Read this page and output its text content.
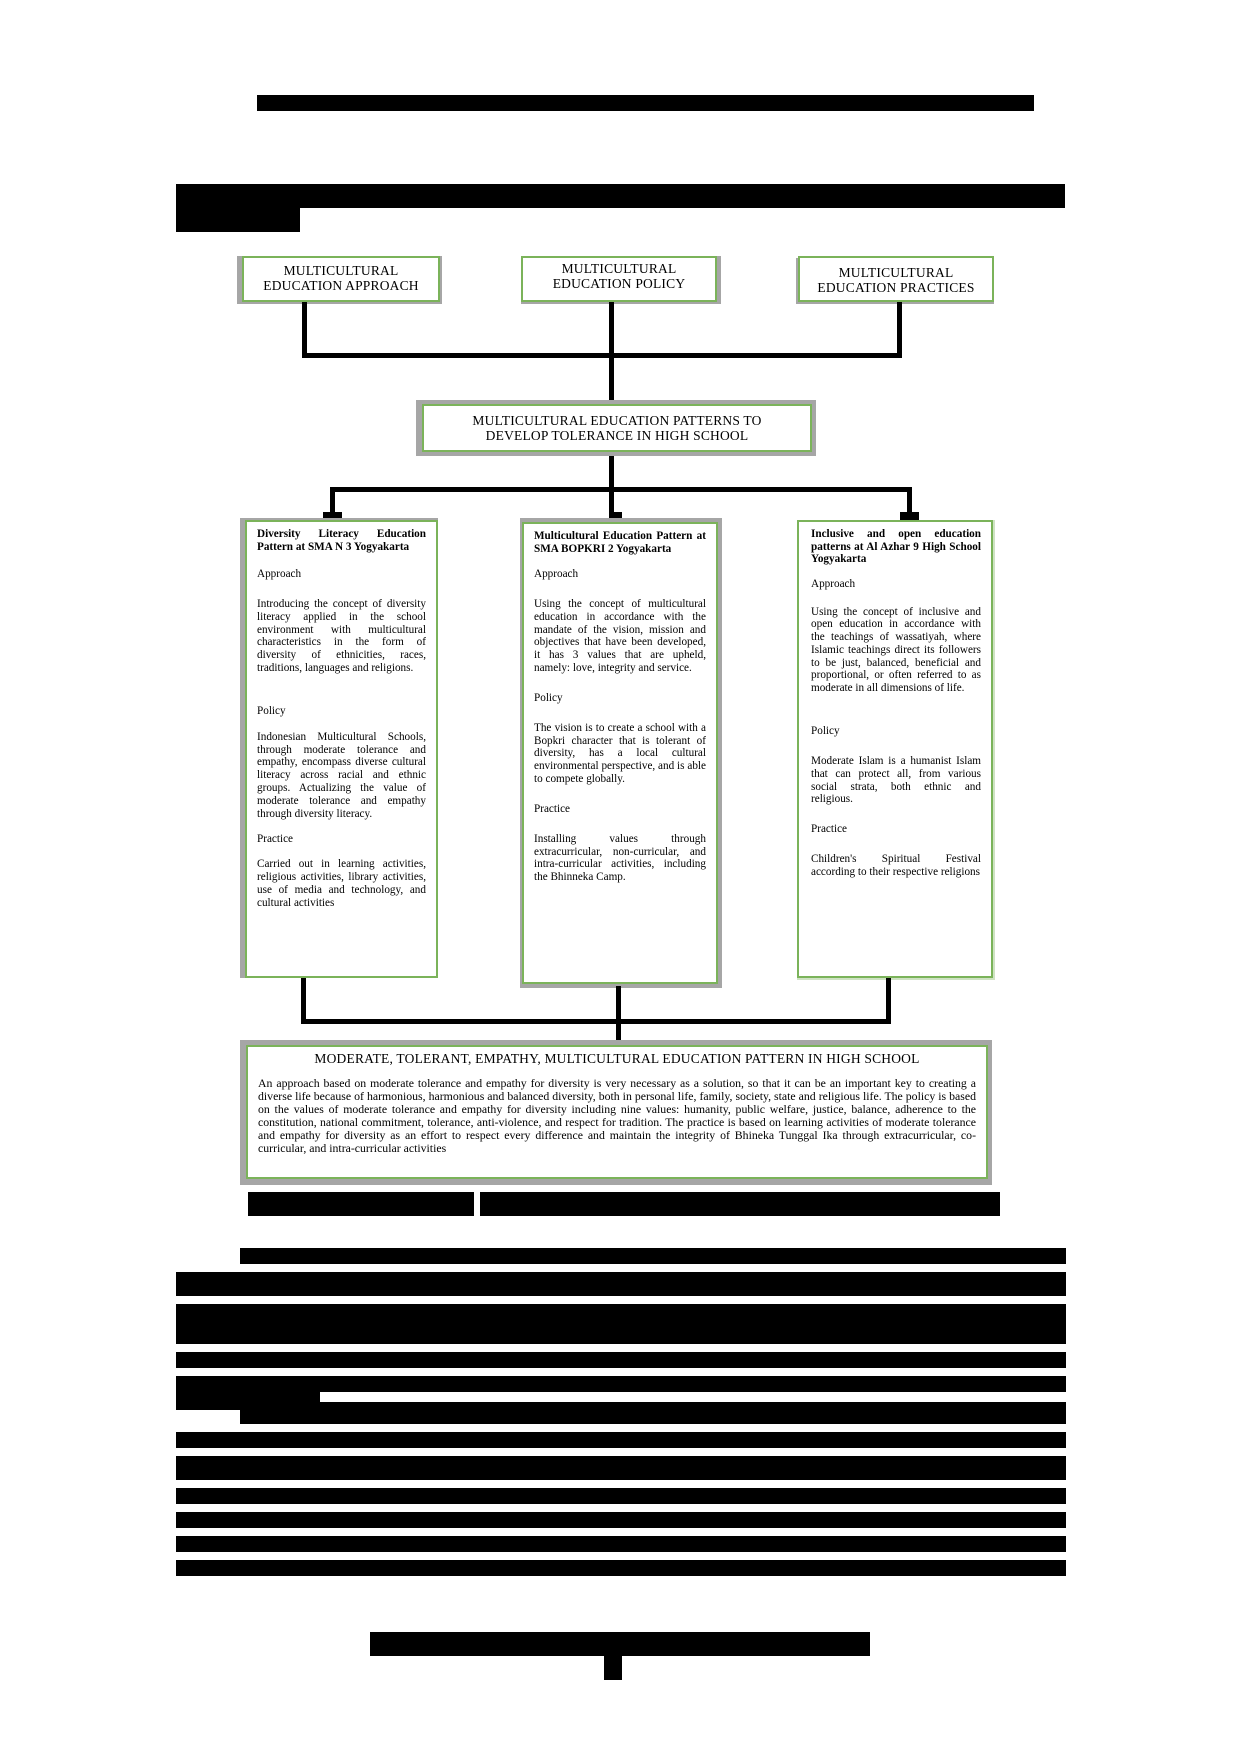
MULTICULTURAL
EDUCATION APPROACH
MULTICULTURAL
EDUCATION POLICY
MULTICULTURAL
EDUCATION PRACTICES
MULTICULTURAL EDUCATION PATTERNS TO
DEVELOP TOLERANCE IN HIGH SCHOOL
Diversity Literacy Education Pattern at SMA N 3 Yogyakarta
Approach
Introducing the concept of diversity literacy applied in the school environment with multicultural characteristics in the form of diversity of ethnicities, races, traditions, languages and religions.
Policy
Indonesian Multicultural Schools, through moderate tolerance and empathy, encompass diverse cultural literacy across racial and ethnic groups. Actualizing the value of moderate tolerance and empathy through diversity literacy.
Practice
Carried out in learning activities, religious activities, library activities, use of media and technology, and cultural activities
Multicultural Education Pattern at SMA BOPKRI 2 Yogyakarta
Approach
Using the concept of multicultural education in accordance with the mandate of the vision, mission and objectives that have been developed, it has 3 values that are upheld, namely: love, integrity and service.
Policy
The vision is to create a school with a Bopkri character that is tolerant of diversity, has a local cultural environmental perspective, and is able to compete globally.
Practice
Installing values through extracurricular, non-curricular, and intra-curricular activities, including the Bhinneka Camp.
Inclusive and open education patterns at Al Azhar 9 High School Yogyakarta
Approach
Using the concept of inclusive and open education in accordance with the teachings of wassatiyah, where Islamic teachings direct its followers to be just, balanced, beneficial and proportional, or often referred to as moderate in all dimensions of life.
Policy
Moderate Islam is a humanist Islam that can protect all, from various social strata, both ethnic and religious.
Practice
Children's Spiritual Festival according to their respective religions
MODERATE, TOLERANT, EMPATHY, MULTICULTURAL EDUCATION PATTERN IN HIGH SCHOOL
An approach based on moderate tolerance and empathy for diversity is very necessary as a solution, so that it can be an important key to creating a diverse life because of harmonious, harmonious and balanced diversity, both in personal life, family, society, state and religious life. The policy is based on the values of moderate tolerance and empathy for diversity including nine values: humanity, public welfare, justice, balance, adherence to the constitution, national commitment, tolerance, anti-violence, and respect for tradition. The practice is based on learning activities of moderate tolerance and empathy for diversity as an effort to respect every difference and maintain the integrity of Bhineka Tunggal Ika through extracurricular, co-curricular, and intra-curricular activities
